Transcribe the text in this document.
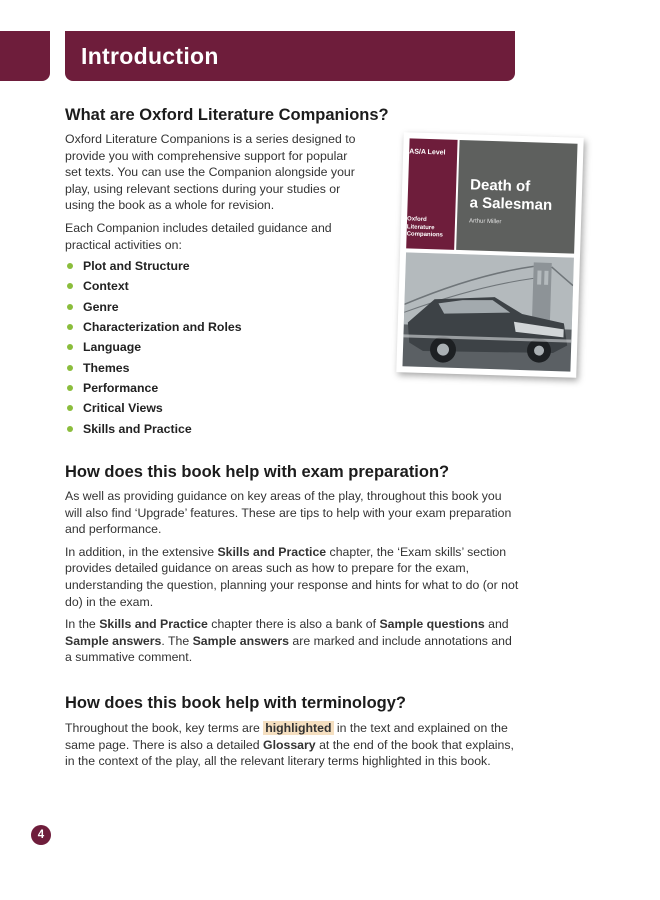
Introduction
What are Oxford Literature Companions?

Oxford Literature Companions is a series designed to provide you with comprehensive support for popular set texts. You can use the Companion alongside your play, using relevant sections during your studies or using the book as a whole for revision.

Each Companion includes detailed guidance and practical activities on:

Plot and Structure
Context
Genre
Characterization and Roles
Language
Themes
Performance
Critical Views
Skills and Practice
AS/A Level
Oxford
Literature
Companions
Death of
a Salesman
Arthur Miller
How does this book help with exam preparation?

As well as providing guidance on key areas of the play, throughout this book you will also find ‘Upgrade’ features. These are tips to help with your exam preparation and performance.

In addition, in the extensive Skills and Practice chapter, the ‘Exam skills’ section provides detailed guidance on areas such as how to prepare for the exam, understanding the question, planning your response and hints for what to do (or not do) in the exam.

In the Skills and Practice chapter there is also a bank of Sample questions and Sample answers. The Sample answers are marked and include annotations and a summative comment.

How does this book help with terminology?

Throughout the book, key terms are highlighted in the text and explained on the same page. There is also a detailed Glossary at the end of the book that explains, in the context of the play, all the relevant literary terms highlighted in this book.

4
